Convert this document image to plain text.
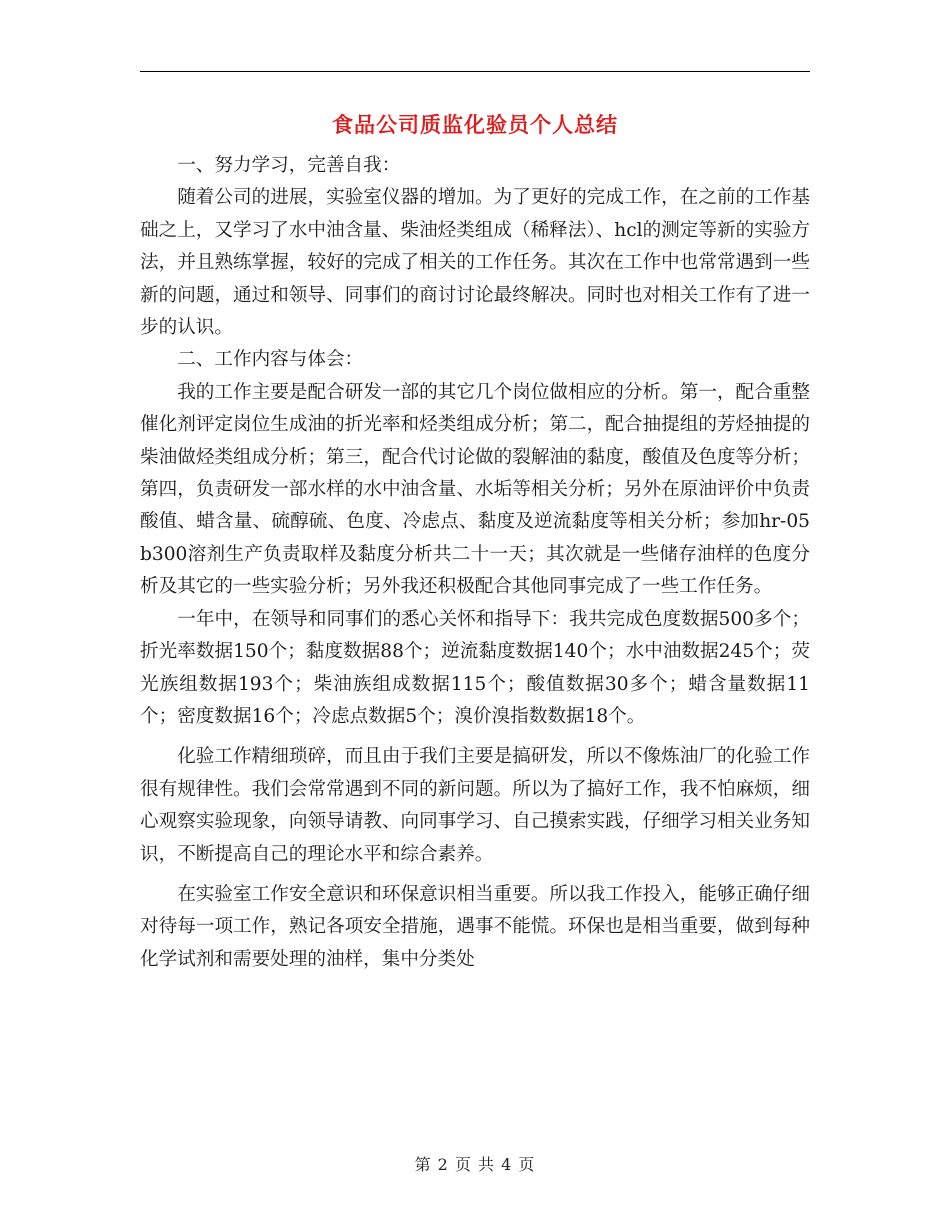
食品公司质监化验员个人总结

一、努力学习，完善自我：

随着公司的进展，实验室仪器的增加。为了更好的完成工作，在之前的工作基础之上，又学习了水中油含量、柴油烃类组成（稀释法）、hcl的测定等新的实验方法，并且熟练掌握，较好的完成了相关的工作任务。其次在工作中也常常遇到一些新的问题，通过和领导、同事们的商讨讨论最终解决。同时也对相关工作有了进一步的认识。

二、工作内容与体会：

我的工作主要是配合研发一部的其它几个岗位做相应的分析。第一，配合重整催化剂评定岗位生成油的折光率和烃类组成分析；第二，配合抽提组的芳烃抽提的柴油做烃类组成分析；第三，配合代讨论做的裂解油的黏度，酸值及色度等分析；第四，负责研发一部水样的水中油含量、水垢等相关分析；另外在原油评价中负责酸值、蜡含量、硫醇硫、色度、冷虑点、黏度及逆流黏度等相关分析；参加hr-05b300溶剂生产负责取样及黏度分析共二十一天；其次就是一些储存油样的色度分析及其它的一些实验分析；另外我还积极配合其他同事完成了一些工作任务。

一年中，在领导和同事们的悉心关怀和指导下：我共完成色度数据500多个；折光率数据150个；黏度数据88个；逆流黏度数据140个；水中油数据245个；荧光族组数据193个；柴油族组成数据115个；酸值数据30多个；蜡含量数据11个；密度数据16个；冷虑点数据5个；溴价溴指数数据18个。

化验工作精细琐碎，而且由于我们主要是搞研发，所以不像炼油厂的化验工作很有规律性。我们会常常遇到不同的新问题。所以为了搞好工作，我不怕麻烦，细心观察实验现象，向领导请教、向同事学习、自己摸索实践，仔细学习相关业务知识，不断提高自己的理论水平和综合素养。

在实验室工作安全意识和环保意识相当重要。所以我工作投入，能够正确仔细对待每一项工作，熟记各项安全措施，遇事不能慌。环保也是相当重要，做到每种化学试剂和需要处理的油样，集中分类处

第 2 页 共 4 页
